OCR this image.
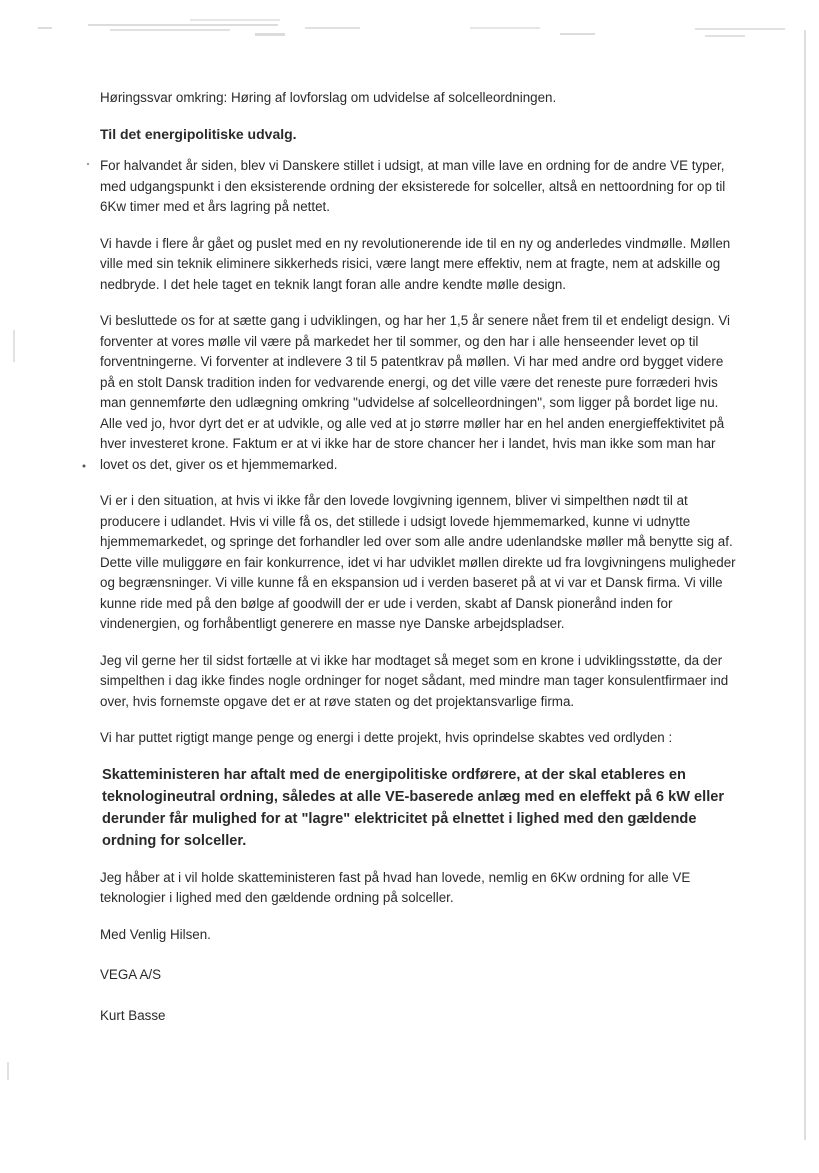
Høringssvar omkring: Høring af lovforslag om udvidelse af solcelleordningen.

Til det energipolitiske udvalg.

For halvandet år siden, blev vi Danskere stillet i udsigt, at man ville lave en ordning for de andre VE typer, med udgangspunkt i den eksisterende ordning der eksisterede for solceller, altså en nettoordning for op til 6Kw timer med et års lagring på nettet.

Vi havde i flere år gået og puslet med en ny revolutionerende ide til en ny og anderledes vindmølle. Møllen ville med sin teknik eliminere sikkerheds risici, være langt mere effektiv, nem at fragte, nem at adskille og nedbryde. I det hele taget en teknik langt foran alle andre kendte mølle design.

Vi besluttede os for at sætte gang i udviklingen, og har her 1,5 år senere nået frem til et endeligt design. Vi forventer at vores mølle vil være på markedet her til sommer, og den har i alle henseender levet op til forventningerne. Vi forventer at indlevere 3 til 5 patentkrav på møllen. Vi har med andre ord bygget videre på en stolt Dansk tradition inden for vedvarende energi, og det ville være det reneste pure forræderi hvis man gennemførte den udlægning omkring "udvidelse af solcelleordningen", som ligger på bordet lige nu. Alle ved jo, hvor dyrt det er at udvikle, og alle ved at jo større møller har en hel anden energieffektivitet på hver investeret krone. Faktum er at vi ikke har de store chancer her i landet, hvis man ikke som man har lovet os det, giver os et hjemmemarked.

Vi er i den situation, at hvis vi ikke får den lovede lovgivning igennem, bliver vi simpelthen nødt til at producere i udlandet. Hvis vi ville få os, det stillede i udsigt lovede hjemmemarked, kunne vi udnytte hjemmemarkedet, og springe det forhandler led over som alle andre udenlandske møller må benytte sig af. Dette ville muliggøre en fair konkurrence, idet vi har udviklet møllen direkte ud fra lovgivningens muligheder og begrænsninger. Vi ville kunne få en ekspansion ud i verden baseret på at vi var et Dansk firma. Vi ville kunne ride med på den bølge af goodwill der er ude i verden, skabt af Dansk pionerånd inden for vindenergien, og forhåbentligt generere en masse nye Danske arbejdspladser.

Jeg vil gerne her til sidst fortælle at vi ikke har modtaget så meget som en krone i udviklingsstøtte, da der simpelthen i dag ikke findes nogle ordninger for noget sådant, med mindre man tager konsulentfirmaer ind over, hvis fornemste opgave det er at røve staten og det projektansvarlige firma.

Vi har puttet rigtigt mange penge og energi i dette projekt, hvis oprindelse skabtes ved ordlyden :

Skatteministeren har aftalt med de energipolitiske ordførere, at der skal etableres en teknologineutral ordning, således at alle VE-baserede anlæg med en eleffekt på 6 kW eller derunder får mulighed for at "lagre" elektricitet på elnettet i lighed med den gældende ordning for solceller.

Jeg håber at i vil holde skatteministeren fast på hvad han lovede, nemlig en 6Kw ordning for alle VE teknologier i lighed med den gældende ordning på solceller.

Med Venlig Hilsen.

VEGA A/S

Kurt Basse
